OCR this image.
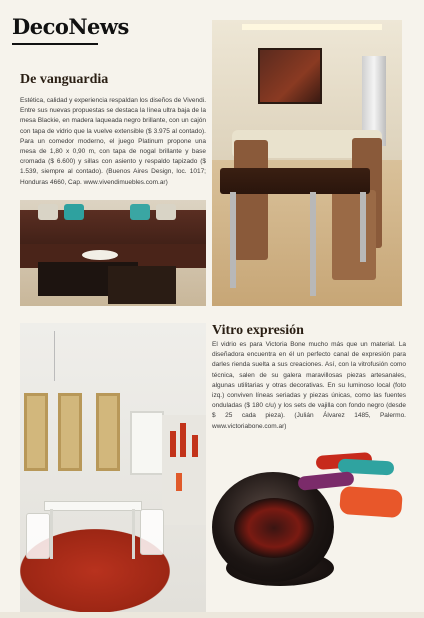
DecoNews
De vanguardia
Estética, calidad y experiencia respaldan los diseños de Vivendi. Entre sus nuevas propuestas se destaca la línea ultra baja de la mesa Blackie, en madera laqueada negro brillante, con un cajón con tapa de vidrio que la vuelve extensible ($ 3.975 al contado). Para un comedor moderno, el juego Platinum propone una mesa de 1,80 x 0,90 m, con tapa de nogal brillante y base cromada ($ 6.600) y sillas con asiento y respaldo tapizado ($ 1.539, siempre al contado). (Buenos Aires Design, loc. 1017; Honduras 4660, Cap. www.vivendimuebles.com.ar)
Vitro expresión
El vidrio es para Victoria Bone mucho más que un material. La diseñadora encuentra en él un perfecto canal de expresión para darles rienda suelta a sus creaciones. Así, con la vitrofusión como técnica, salen de su galera maravillosas piezas artesanales, algunas utilitarias y otras decorativas. En su luminoso local (foto izq.) conviven líneas seriadas y piezas únicas, como las fuentes onduladas ($ 180 c/u) y los sets de vajilla con fondo negro (desde $ 25 cada pieza). (Julián Álvarez 1485, Palermo. www.victoriabone.com.ar)
